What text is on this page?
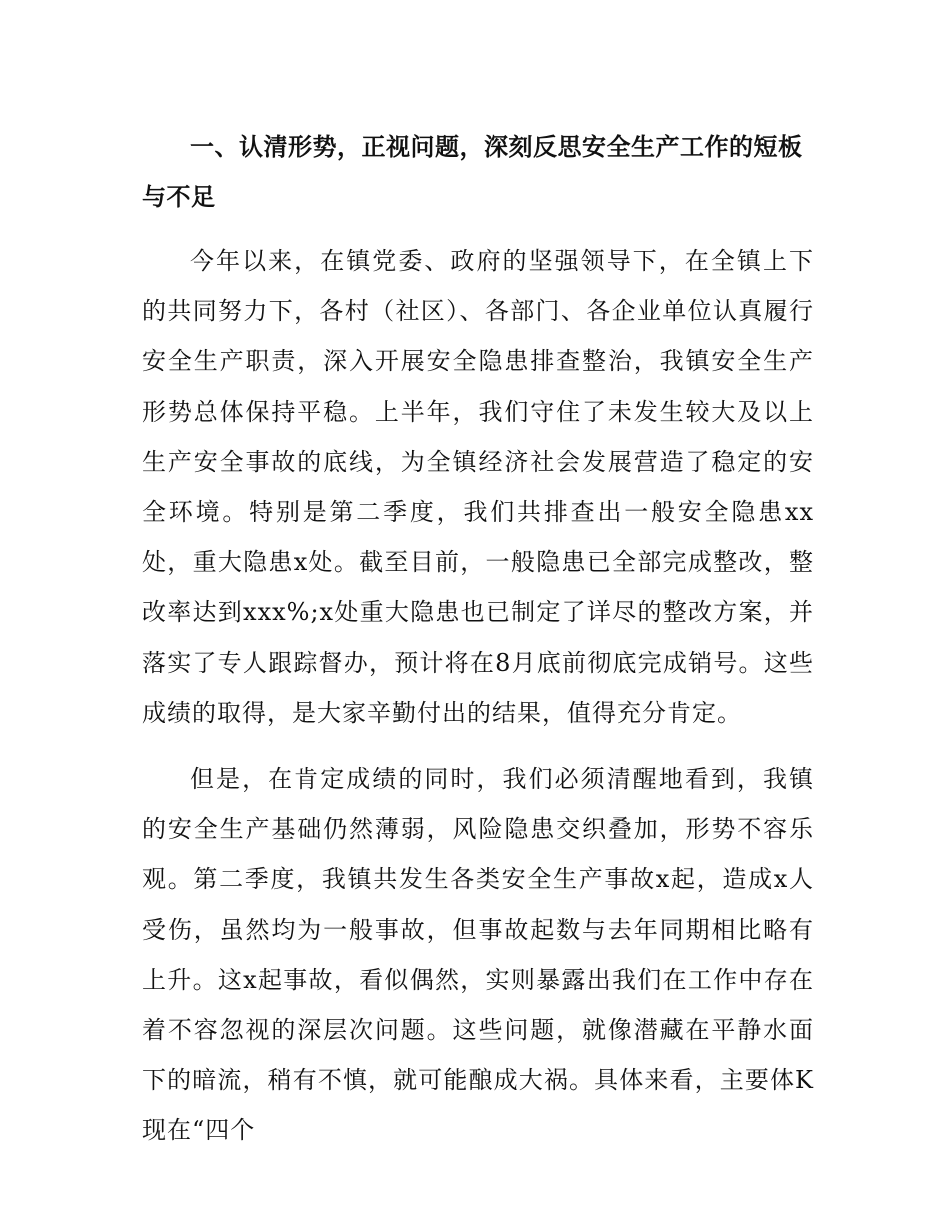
一、认清形势，正视问题，深刻反思安全生产工作的短板与不足

今年以来，在镇党委、政府的坚强领导下，在全镇上下的共同努力下，各村（社区）、各部门、各企业单位认真履行安全生产职责，深入开展安全隐患排查整治，我镇安全生产形势总体保持平稳。上半年，我们守住了未发生较大及以上生产安全事故的底线，为全镇经济社会发展营造了稳定的安全环境。特别是第二季度，我们共排查出一般安全隐患xx处，重大隐患x处。截至目前，一般隐患已全部完成整改，整改率达到xxx%;x处重大隐患也已制定了详尽的整改方案，并落实了专人跟踪督办，预计将在8月底前彻底完成销号。这些成绩的取得，是大家辛勤付出的结果，值得充分肯定。

但是，在肯定成绩的同时，我们必须清醒地看到，我镇的安全生产基础仍然薄弱，风险隐患交织叠加，形势不容乐观。第二季度，我镇共发生各类安全生产事故x起，造成x人受伤，虽然均为一般事故，但事故起数与去年同期相比略有上升。这x起事故，看似偶然，实则暴露出我们在工作中存在着不容忽视的深层次问题。这些问题，就像潜藏在平静水面下的暗流，稍有不慎，就可能酿成大祸。具体来看，主要体K现在“四个
